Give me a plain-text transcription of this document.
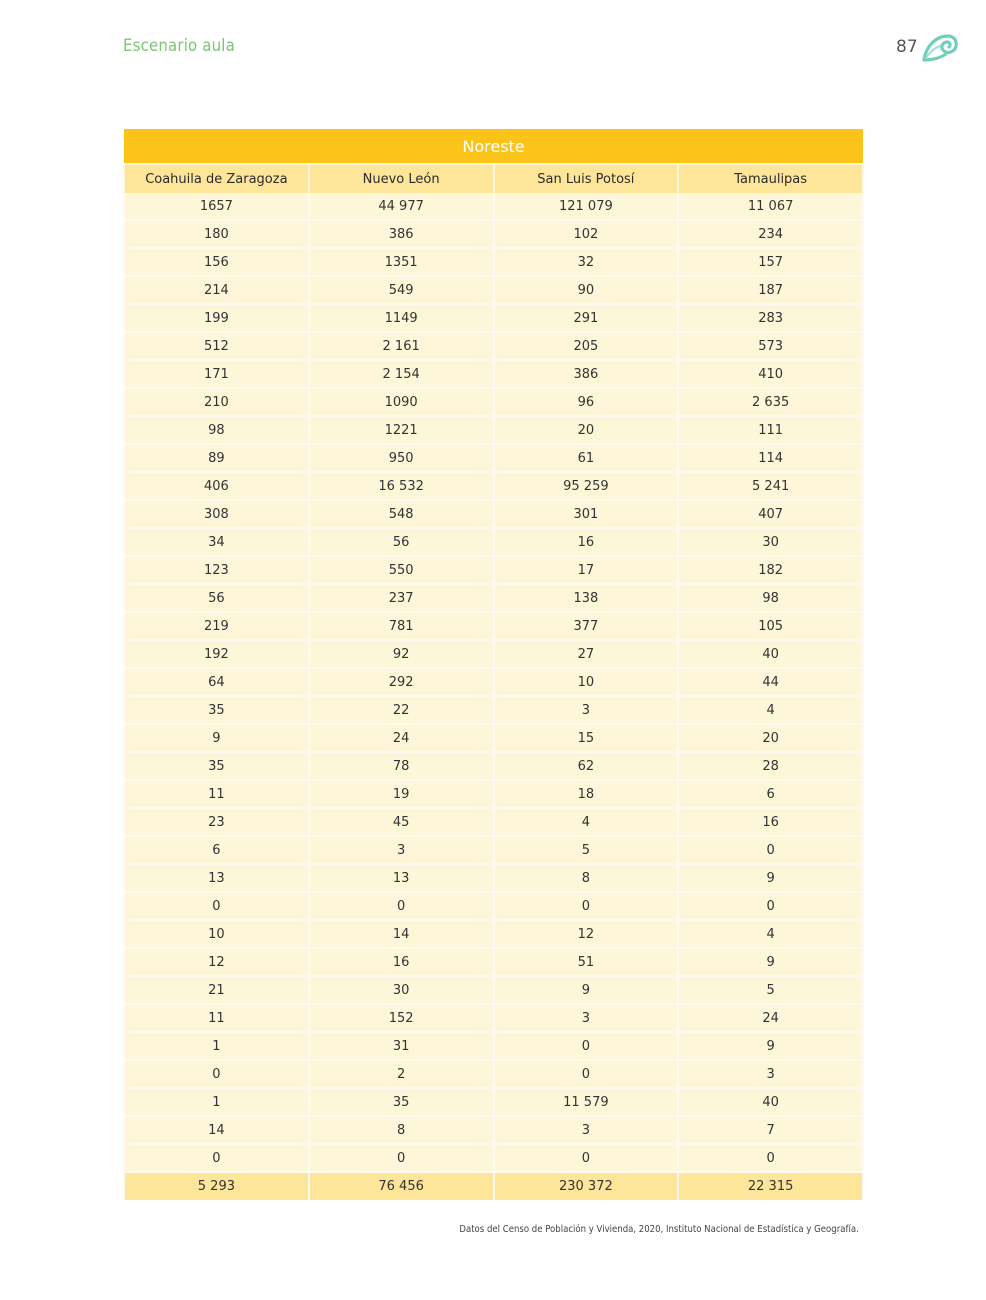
Escenario aula	87
Noreste			
Coahuila de Zaragoza	Nuevo León	San Luis Potosí	Tamaulipas
1657	44 977	121 079	11 067
180	386	102	234
156	1351	32	157
214	549	90	187
199	1149	291	283
512	2 161	205	573
171	2 154	386	410
210	1090	96	2 635
98	1221	20	111
89	950	61	114
406	16 532	95 259	5 241
308	548	301	407
34	56	16	30
123	550	17	182
56	237	138	98
219	781	377	105
192	92	27	40
64	292	10	44
35	22	3	4
9	24	15	20
35	78	62	28
11	19	18	6
23	45	4	16
6	3	5	0
13	13	8	9
0	0	0	0
10	14	12	4
12	16	51	9
21	30	9	5
11	152	3	24
1	31	0	9
0	2	0	3
1	35	11 579	40
14	8	3	7
0	0	0	0
5 293	76 456	230 372	22 315
Datos del Censo de Población y Vivienda, 2020, Instituto Nacional de Estadística y Geografía.
